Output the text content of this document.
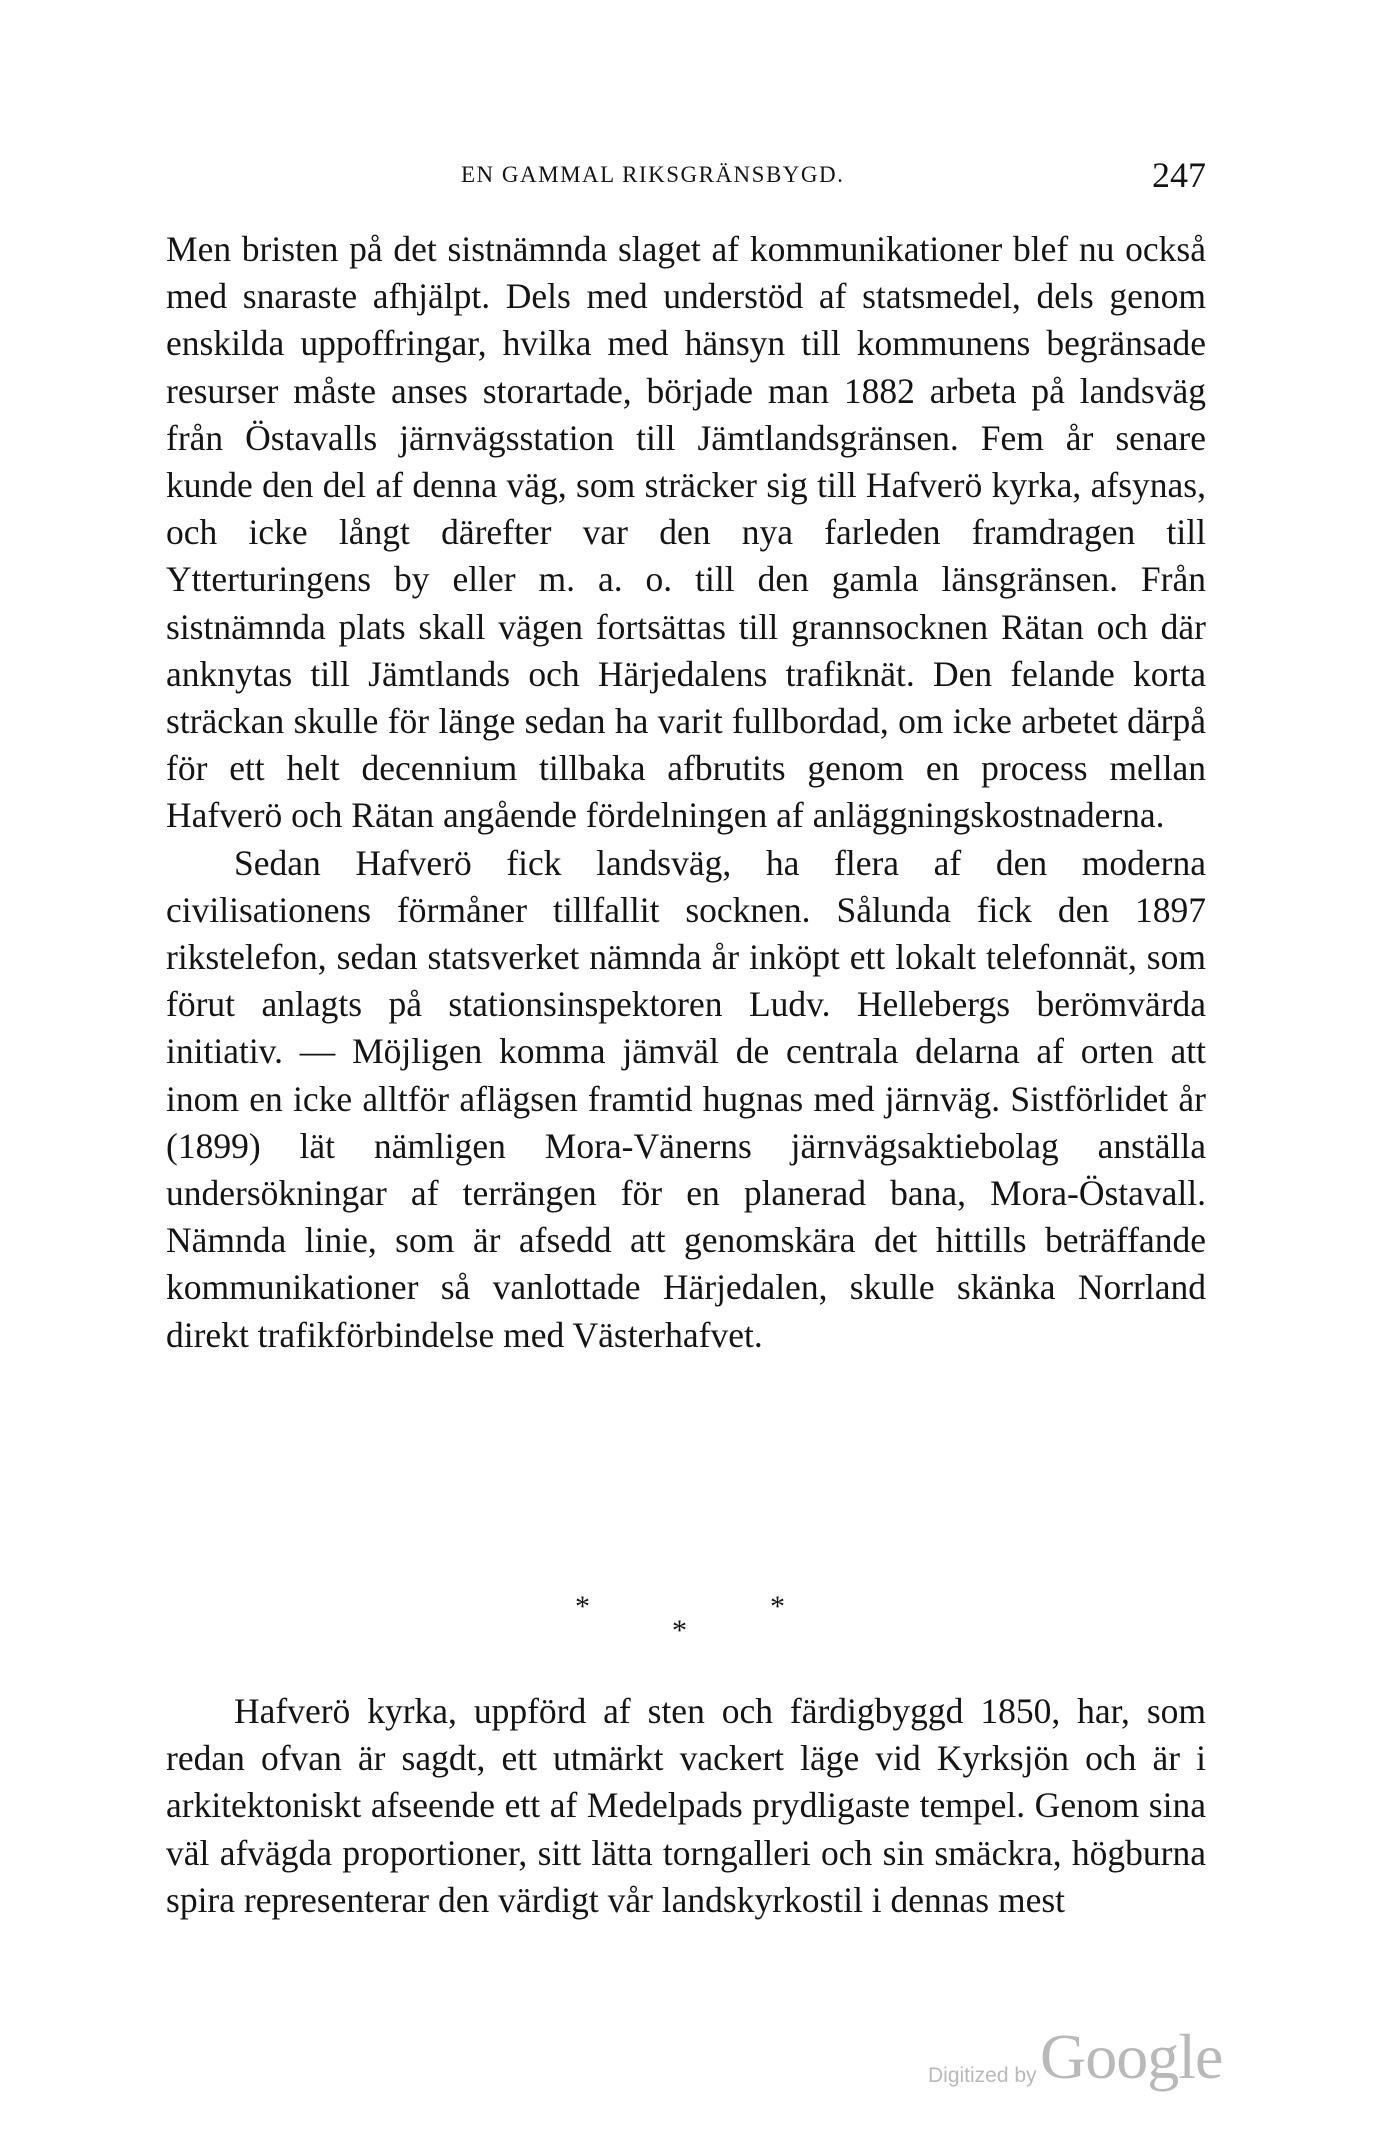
EN GAMMAL RIKSGRÄNSBYGD.	247

Men bristen på det sistnämnda slaget af kommunikationer blef nu också med snaraste afhjälpt. Dels med understöd af statsmedel, dels genom enskilda uppoffringar, hvilka med hänsyn till kommunens begränsade resurser måste anses storartade, började man 1882 arbeta på landsväg från Östavalls järnvägsstation till Jämtlandsgränsen. Fem år senare kunde den del af denna väg, som sträcker sig till Hafverö kyrka, afsynas, och icke långt därefter var den nya farleden framdragen till Ytterturingens by eller m. a. o. till den gamla länsgränsen. Från sistnämnda plats skall vägen fortsättas till grannsocknen Rätan och där anknytas till Jämtlands och Härjedalens trafiknät. Den felande korta sträckan skulle för länge sedan ha varit fullbordad, om icke arbetet därpå för ett helt decennium tillbaka afbrutits genom en process mellan Hafverö och Rätan angående fördelningen af anläggningskostnaderna.

Sedan Hafverö fick landsväg, ha flera af den moderna civilisationens förmåner tillfallit socknen. Sålunda fick den 1897 rikstelefon, sedan statsverket nämnda år inköpt ett lokalt telefonnät, som förut anlagts på stationsinspektoren Ludv. Hellebergs berömvärda initiativ. — Möjligen komma jämväl de centrala delarna af orten att inom en icke alltför aflägsen framtid hugnas med järnväg. Sistförlidet år (1899) lät nämligen Mora-Vänerns järnvägsaktiebolag anställa undersökningar af terrängen för en planerad bana, Mora-Östavall. Nämnda linie, som är afsedd att genomskära det hittills beträffande kommunikationer så vanlottade Härjedalen, skulle skänka Norrland direkt trafikförbindelse med Västerhafvet.

*	*
*

Hafverö kyrka, uppförd af sten och färdigbyggd 1850, har, som redan ofvan är sagdt, ett utmärkt vackert läge vid Kyrksjön och är i arkitektoniskt afseende ett af Medelpads prydligaste tempel. Genom sina väl afvägda proportioner, sitt lätta torngalleri och sin smäckra, högburna spira representerar den värdigt vår landskyrkostil i dennas mest

Digitized by Google
